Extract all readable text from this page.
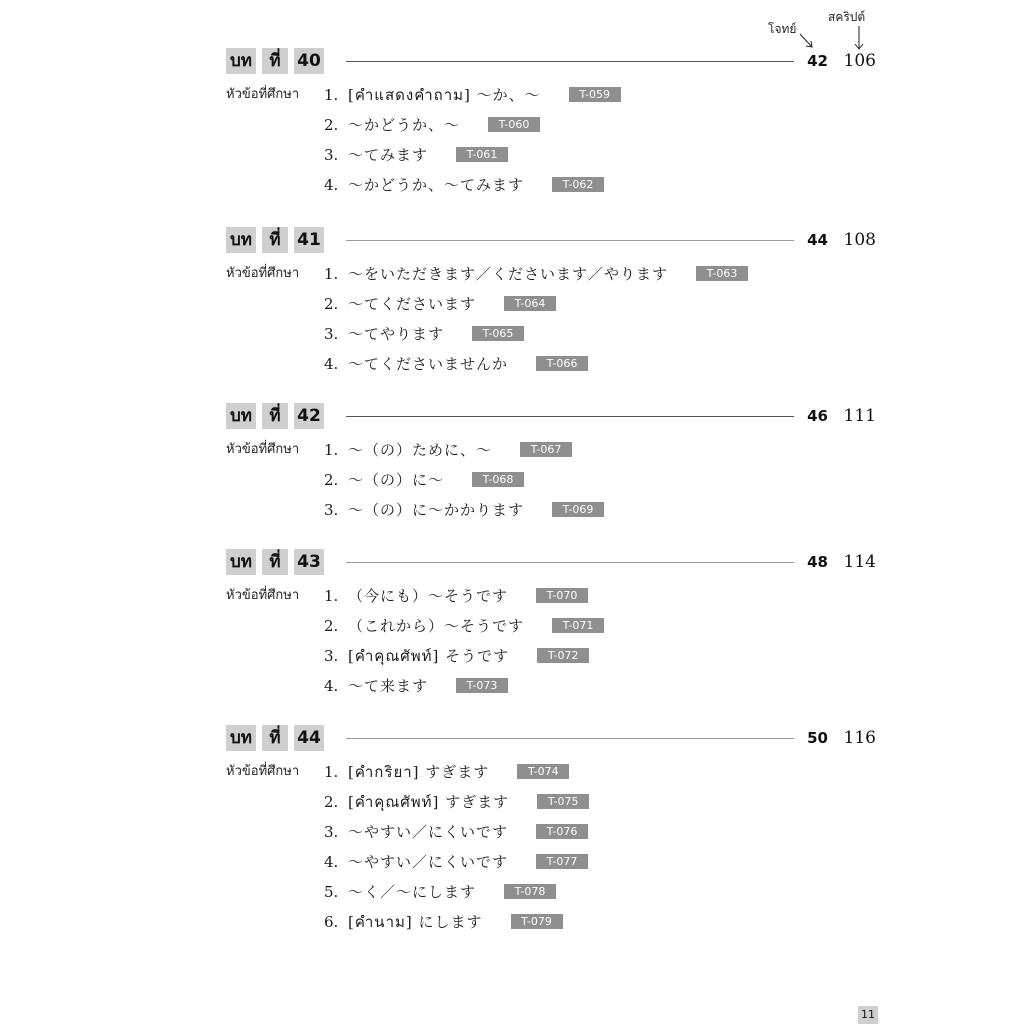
สคริปต์
โจทย์
บท	ที่ 40	42 106
หัวข้อที่ศึกษา 1. [คำแสดงคำถาม] ～か、～	T-059
2. ～かどうか、～	T-060
3. ～てみます	T-061
4. ～かどうか、～てみます	T-062
บท	ที่ 41	44 108
หัวข้อที่ศึกษา 1. ～をいただきます／くださいます／やります	T-063
2. ～てくださいます	T-064
3. ～てやります	T-065
4. ～てくださいませんか	T-066
บท	ที่ 42	46 111
หัวข้อที่ศึกษา 1. ～（の）ために、～	T-067
2. ～（の）に～	T-068
3. ～（の）に～かかります	T-069
บท	ที่ 43	48 114
หัวข้อที่ศึกษา 1. （今にも）～そうです	T-070
2. （これから）～そうです	T-071
3. [คำคุณศัพท์] そうです	T-072
4. ～て来ます	T-073
บท	ที่ 44	50 116
หัวข้อที่ศึกษา 1. [คำกริยา] すぎます	T-074
2. [คำคุณศัพท์] すぎます	T-075
3. ～やすい／にくいです	T-076
4. ～やすい／にくいです	T-077
5. ～く／～にします	T-078
6. [คำนาม] にします	T-079
11
